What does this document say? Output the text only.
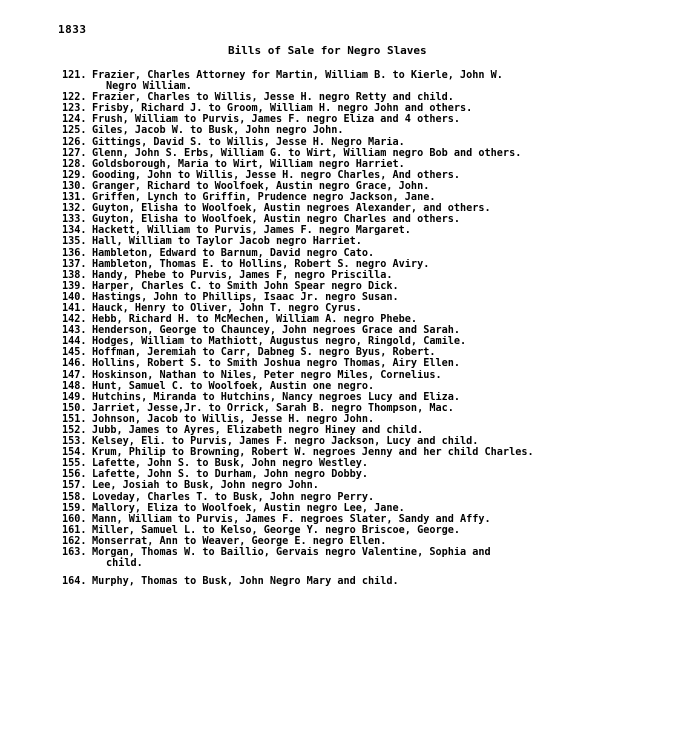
1833
Bills of Sale for Negro Slaves
121. Frazier, Charles Attorney for Martin, William B. to Kierle, John W.
Negro William.
122. Frazier, Charles to Willis, Jesse H. negro Retty and child.
123. Frisby, Richard J. to Groom, William H. negro John and others.
124. Frush, William to Purvis, James F. negro Eliza and 4 others.
125. Giles, Jacob W. to Busk, John negro John.
126. Gittings, David S. to Willis, Jesse H. Negro Maria.
127. Glenn, John S. Erbs, William G. to Wirt, William negro Bob and others.
128. Goldsborough, Maria to Wirt, William negro Harriet.
129. Gooding, John to Willis, Jesse H. negro Charles, And others.
130. Granger, Richard to Woolfoek, Austin negro Grace, John.
131. Griffen, Lynch to Griffin, Prudence negro Jackson, Jane.
132. Guyton, Elisha to Woolfoek, Austin negroes Alexander, and others.
133. Guyton, Elisha to Woolfoek, Austin negro Charles and others.
134. Hackett, William to Purvis, James F. negro Margaret.
135. Hall, William to Taylor Jacob negro Harriet.
136. Hambleton, Edward to Barnum, David negro Cato.
137. Hambleton, Thomas E. to Hollins, Robert S. negro Aviry.
138. Handy, Phebe to Purvis, James F, negro Priscilla.
139. Harper, Charles C. to Smith John Spear negro Dick.
140. Hastings, John to Phillips, Isaac Jr. negro Susan.
141. Hauck, Henry to Oliver, John T. negro Cyrus.
142. Hebb, Richard H. to McMechen, William A. negro Phebe.
143. Henderson, George to Chauncey, John negroes Grace and Sarah.
144. Hodges, William to Mathiott, Augustus negro, Ringold, Camile.
145. Hoffman, Jeremiah to Carr, Dabneg S. negro Byus, Robert.
146. Hollins, Robert S. to Smith Joshua negro Thomas, Airy Ellen.
147. Hoskinson, Nathan to Niles, Peter negro Miles, Cornelius.
148. Hunt, Samuel C. to Woolfoek, Austin one negro.
149. Hutchins, Miranda to Hutchins, Nancy negroes Lucy and Eliza.
150. Jarriet, Jesse,Jr. to Orrick, Sarah B. negro Thompson, Mac.
151. Johnson, Jacob to Willis, Jesse H. negro John.
152. Jubb, James to Ayres, Elizabeth negro Hiney and child.
153. Kelsey, Eli. to Purvis, James F. negro Jackson, Lucy and child.
154. Krum, Philip to Browning, Robert W. negroes Jenny and her child Charles.
155. Lafette, John S. to Busk, John negro Westley.
156. Lafette, John S. to Durham, John negro Dobby.
157. Lee, Josiah to Busk, John negro John.
158. Loveday, Charles T. to Busk, John negro Perry.
159. Mallory, Eliza to Woolfoek, Austin negro Lee, Jane.
160. Mann, William to Purvis, James F. negroes Slater, Sandy and Affy.
161. Miller, Samuel L. to Kelso, George Y. negro Briscoe, George.
162. Monserrat, Ann to Weaver, George E. negro Ellen.
163. Morgan, Thomas W. to Baillio, Gervais negro Valentine, Sophia and
child.
164. Murphy, Thomas to Busk, John Negro Mary and child.
